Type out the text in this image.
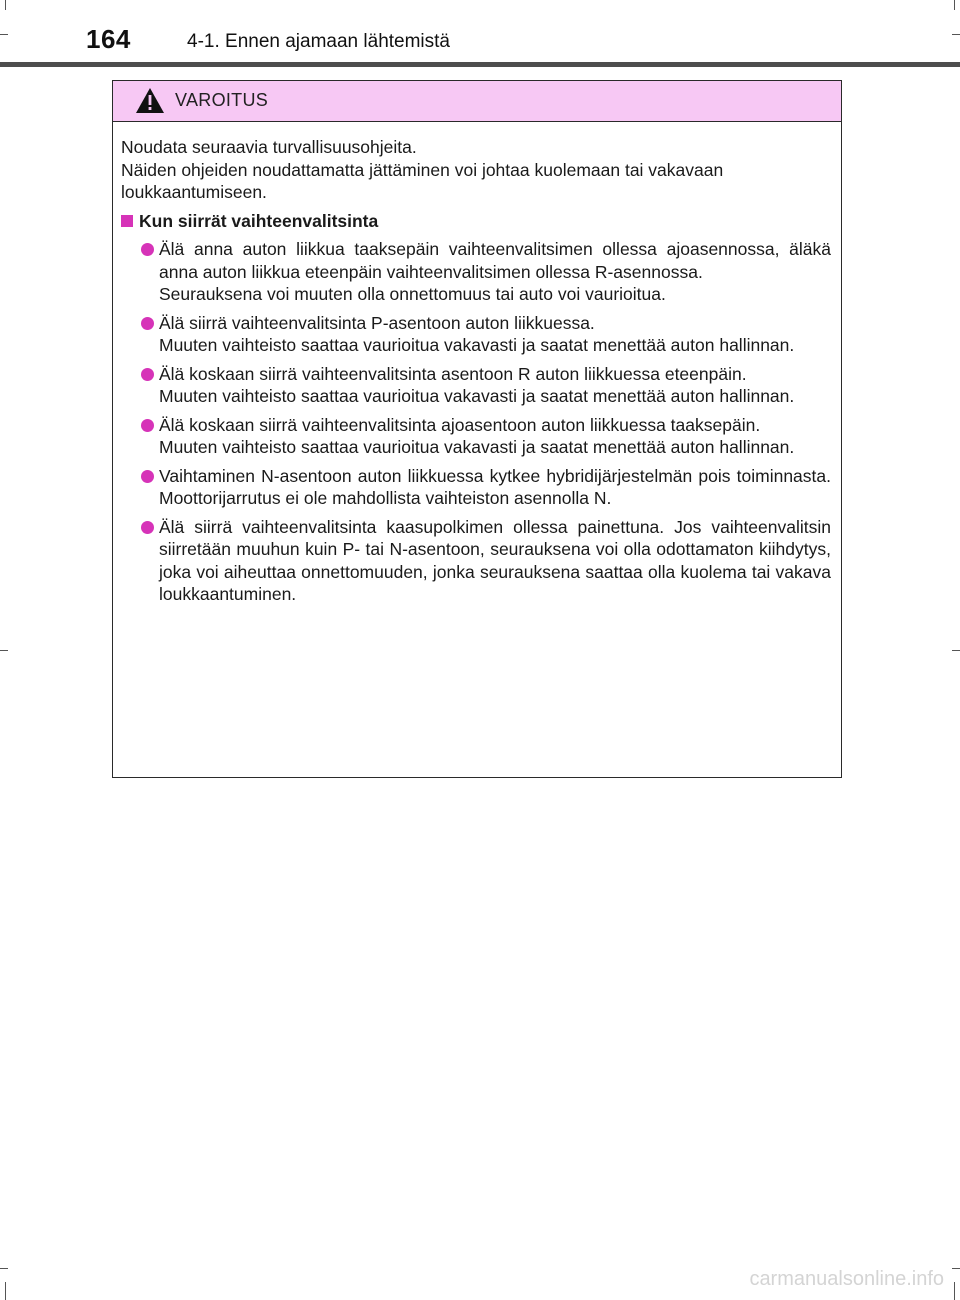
164	4-1. Ennen ajamaan lähtemistä
VAROITUS
Noudata seuraavia turvallisuusohjeita.
Näiden ohjeiden noudattamatta jättäminen voi johtaa kuolemaan tai vakavaan loukkaantumiseen.
Kun siirrät vaihteenvalitsinta

Älä anna auton liikkua taaksepäin vaihteenvalitsimen ollessa ajoasennossa, äläkä anna auton liikkua eteenpäin vaihteenvalitsimen ollessa R-asennossa.

Seurauksena voi muuten olla onnettomuus tai auto voi vaurioitua.

Älä siirrä vaihteenvalitsinta P-asentoon auton liikkuessa.

Muuten vaihteisto saattaa vaurioitua vakavasti ja saatat menettää auton hallinnan.

Älä koskaan siirrä vaihteenvalitsinta asentoon R auton liikkuessa eteenpäin.

Muuten vaihteisto saattaa vaurioitua vakavasti ja saatat menettää auton hallinnan.

Älä koskaan siirrä vaihteenvalitsinta ajoasentoon auton liikkuessa taaksepäin.

Muuten vaihteisto saattaa vaurioitua vakavasti ja saatat menettää auton hallinnan.

Vaihtaminen N-asentoon auton liikkuessa kytkee hybridijärjestelmän pois toiminnasta. Moottorijarrutus ei ole mahdollista vaihteiston asennolla N.

Älä siirrä vaihteenvalitsinta kaasupolkimen ollessa painettuna. Jos vaihteenvalitsin siirretään muuhun kuin P- tai N-asentoon, seurauksena voi olla odottamaton kiihdytys, joka voi aiheuttaa onnettomuuden, jonka seurauksena saattaa olla kuolema tai vakava loukkaantuminen.

carmanualsonline.info
